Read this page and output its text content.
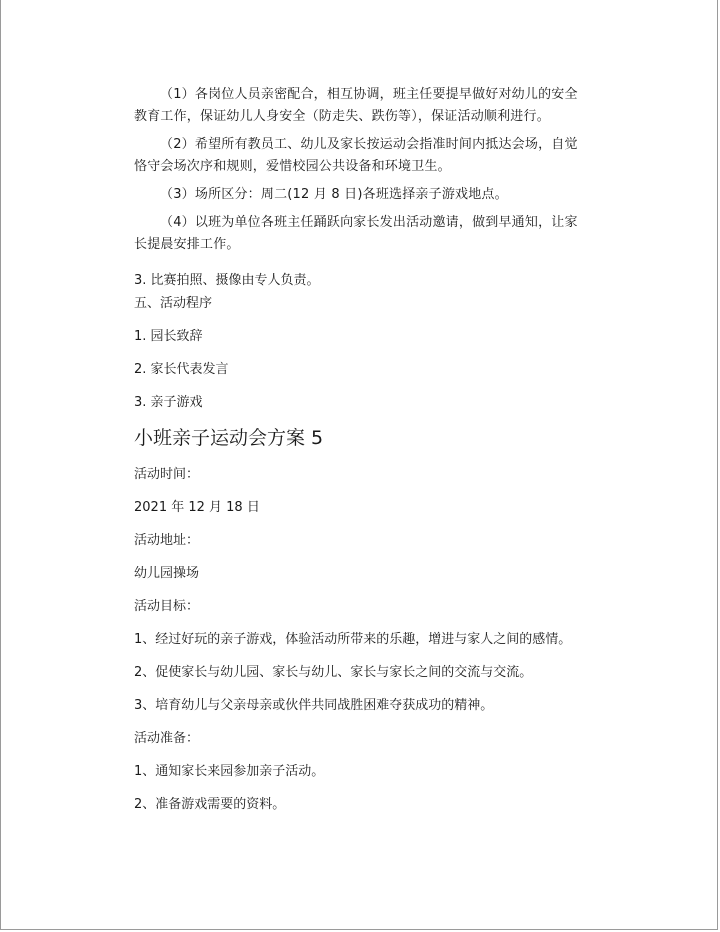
（1）各岗位人员亲密配合，相互协调，班主任要提早做好对幼儿的安全教育工作，保证幼儿人身安全（防走失、跌伤等），保证活动顺利进行。

（2）希望所有教员工、幼儿及家长按运动会指准时间内抵达会场，自觉恪守会场次序和规则，爱惜校园公共设备和环境卫生。

（3）场所区分：周二(12 月 8 日)各班选择亲子游戏地点。

（4）以班为单位各班主任踊跃向家长发出活动邀请，做到早通知，让家长提晨安排工作。

3. 比赛拍照、摄像由专人负责。

五、活动程序

1. 园长致辞

2. 家长代表发言

3. 亲子游戏

小班亲子运动会方案 5

活动时间：

2021 年 12 月 18 日

活动地址：

幼儿园操场

活动目标：

1、经过好玩的亲子游戏，体验活动所带来的乐趣，增进与家人之间的感情。

2、促使家长与幼儿园、家长与幼儿、家长与家长之间的交流与交流。

3、培育幼儿与父亲母亲或伙伴共同战胜困难夺获成功的精神。

活动准备：

1、通知家长来园参加亲子活动。

2、准备游戏需要的资料。
